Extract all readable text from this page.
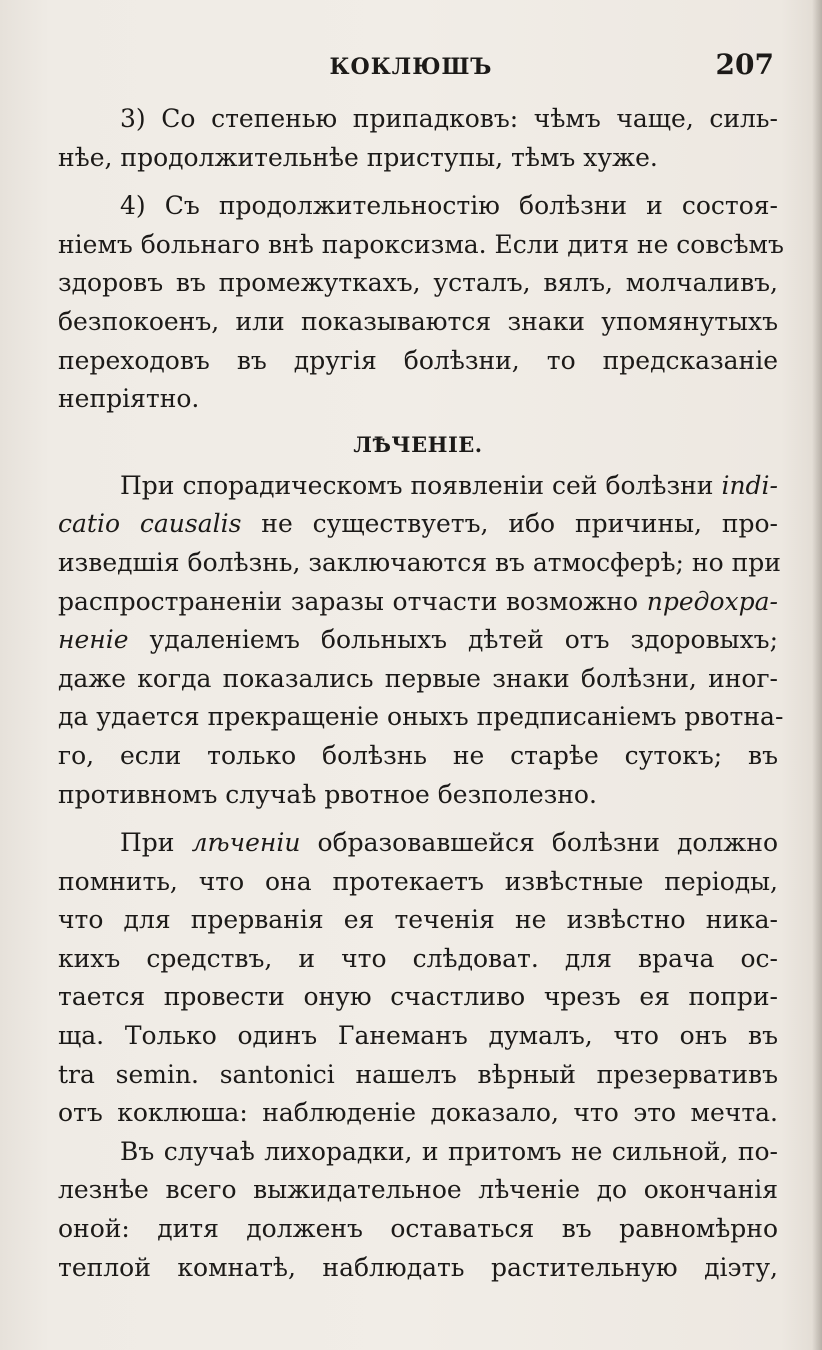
КОКЛЮШЪ	207
3) Со степенью припадковъ: чѣмъ чаще, силь-
нѣе, продолжительнѣе приступы, тѣмъ хуже.
4) Съ продолжительностію болѣзни и состоя-
ніемъ больнаго внѣ пароксизма. Если дитя не совсѣмъ
здоровъ въ промежуткахъ, усталъ, вялъ, молчаливъ,
безпокоенъ, или показываются знаки упомянутыхъ
переходовъ въ другія болѣзни, то предсказаніе
непріятно.
ЛѢЧЕНІЕ.
При спорадическомъ появленіи сей болѣзни indi-
catio causalis не существуетъ, ибо причины, про-
изведшія болѣзнь, заключаются въ атмосферѣ; но при
распространеніи заразы отчасти возможно предохра-
неніе удаленіемъ больныхъ дѣтей отъ здоровыхъ;
даже когда показались первые знаки болѣзни, иног-
да удается прекращеніе оныхъ предписаніемъ рвотна-
го, если только болѣзнь не старѣе сутокъ; въ
противномъ случаѣ рвотное безполезно.
При лѣченіи образовавшейся болѣзни должно
помнить, что она протекаетъ извѣстные періоды,
что для прерванія ея теченія не извѣстно ника-
кихъ средствъ, и что слѣдоват. для врача ос-
тается провести оную счастливо чрезъ ея попри-
ща. Только одинъ Ганеманъ думалъ, что онъ въ
tra semin. santonici нашелъ вѣрный презервативъ
отъ коклюша: наблюденіе доказало, что это мечта.
Въ случаѣ лихорадки, и притомъ не сильной, по-
лезнѣе всего выжидательное лѣченіе до окончанія
оной: дитя долженъ оставаться въ равномѣрно
теплой комнатѣ, наблюдать растительную діэту,
